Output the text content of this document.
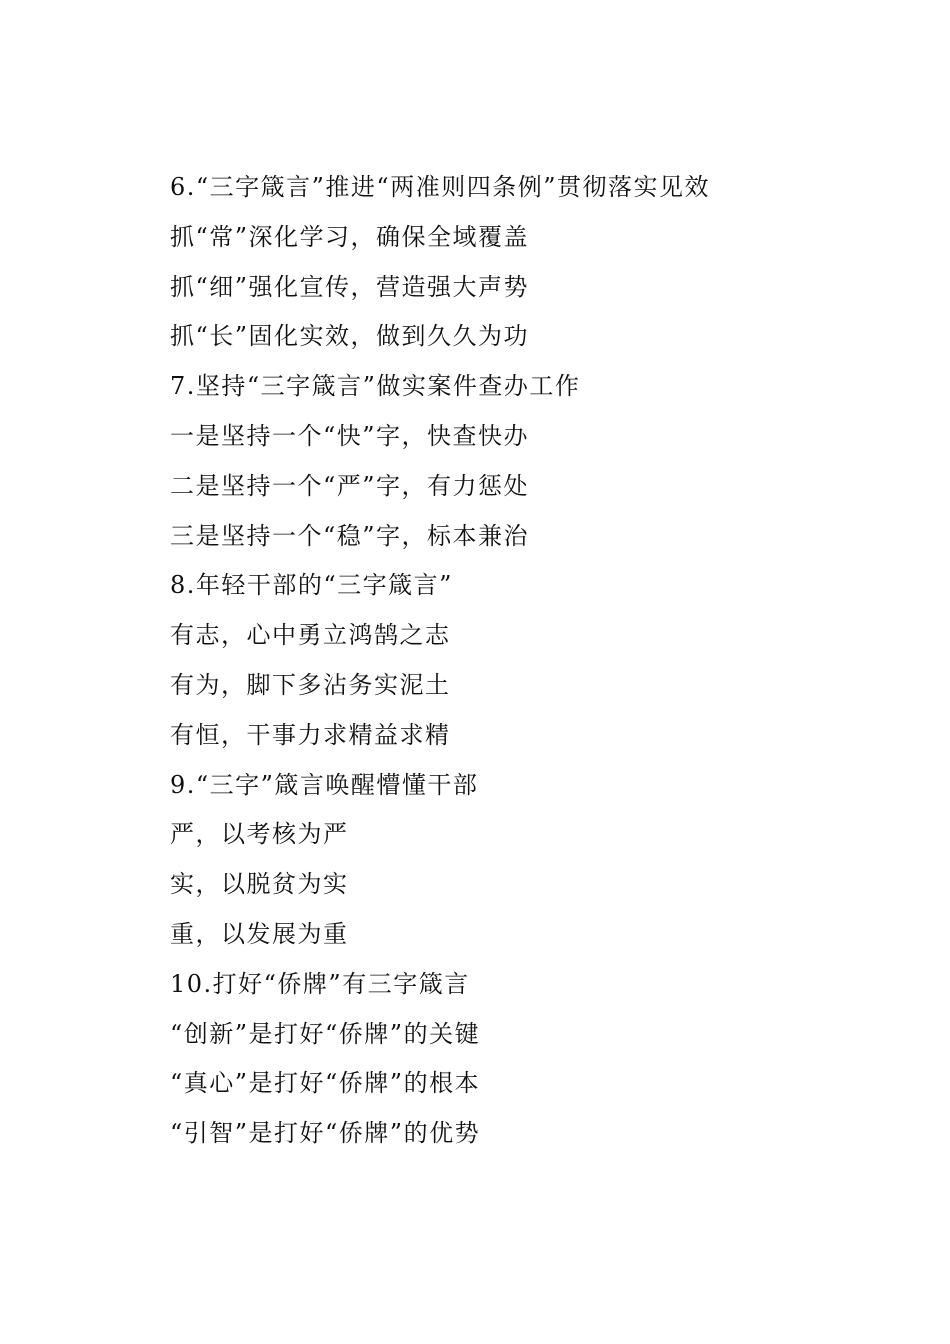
6.“三字箴言”推进“两准则四条例”贯彻落实见效
抓“常”深化学习，确保全域覆盖
抓“细”强化宣传，营造强大声势
抓“长”固化实效，做到久久为功
7.坚持“三字箴言”做实案件查办工作
一是坚持一个“快”字，快查快办
二是坚持一个“严”字，有力惩处
三是坚持一个“稳”字，标本兼治
8.年轻干部的“三字箴言”
有志，心中勇立鸿鹄之志
有为，脚下多沾务实泥土
有恒，干事力求精益求精
9.“三字”箴言唤醒懵懂干部
严，以考核为严
实，以脱贫为实
重，以发展为重
10.打好“侨牌”有三字箴言
“创新”是打好“侨牌”的关键
“真心”是打好“侨牌”的根本
“引智”是打好“侨牌”的优势
